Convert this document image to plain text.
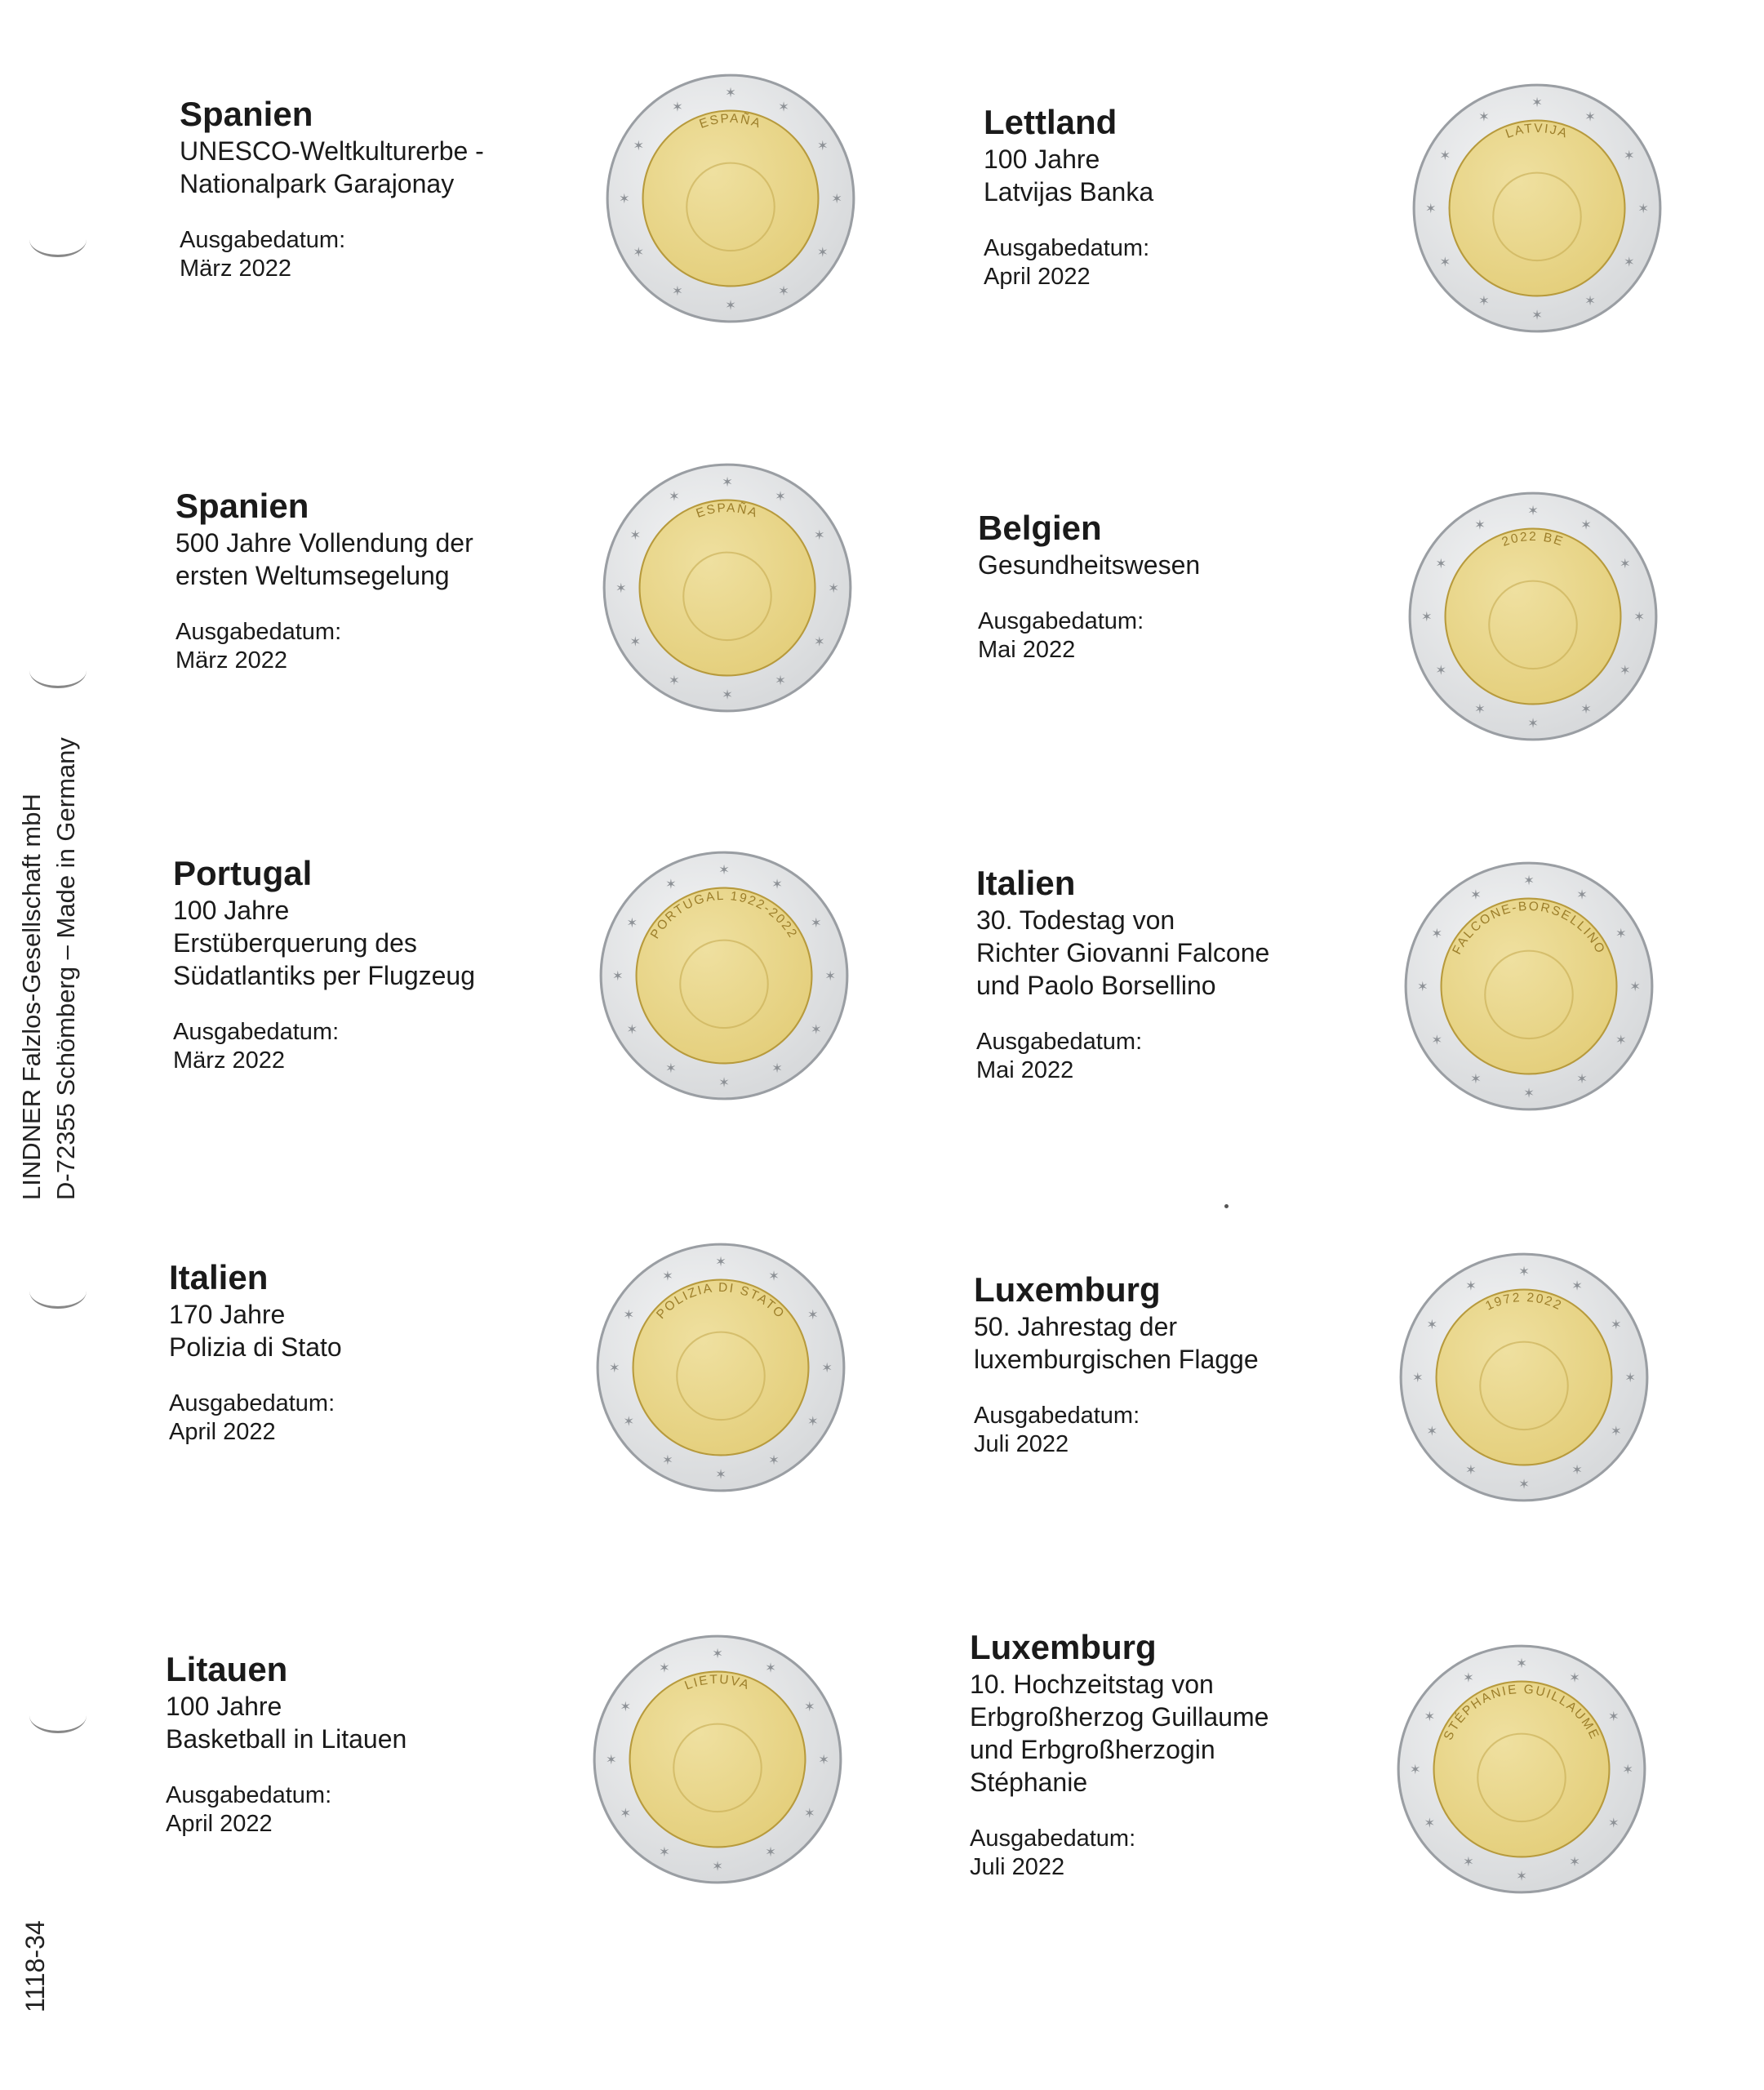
LINDNER Falzlos-Gesellschaft mbH D-72355 Schömberg – Made in Germany
1118-34
Spanien
UNESCO-Weltkulturerbe -
Nationalpark Garajonay
Ausgabedatum:
März 2022
Lettland
100 Jahre
Latvijas Banka
Ausgabedatum:
April 2022
Spanien
500 Jahre Vollendung der
ersten Weltumsegelung
Ausgabedatum:
März 2022
Belgien
Gesundheitswesen
Ausgabedatum:
Mai 2022
Portugal
100 Jahre
Erstüberquerung des
Südatlantiks per Flugzeug
Ausgabedatum:
März 2022
Italien
30. Todestag von
Richter Giovanni Falcone
und Paolo Borsellino
Ausgabedatum:
Mai 2022
Italien
170 Jahre
Polizia di Stato
Ausgabedatum:
April 2022
Luxemburg
50. Jahrestag der
luxemburgischen Flagge
Ausgabedatum:
Juli 2022
Litauen
100 Jahre
Basketball in Litauen
Ausgabedatum:
April 2022
Luxemburg
10. Hochzeitstag von
Erbgroßherzog Guillaume
und Erbgroßherzogin
Stéphanie
Ausgabedatum:
Juli 2022
✶
✶
✶
✶
✶
✶
✶
✶
✶
✶
✶
✶
ESPAÑA
✶
✶
✶
✶
✶
✶
✶
✶
✶
✶
✶
✶
LATVIJA
✶
✶
✶
✶
✶
✶
✶
✶
✶
✶
✶
✶
ESPAÑA	✶
✶
✶
✶
✶
✶
✶
✶
✶
✶
✶
✶
2022 BE
✶
✶
✶
✶
✶
✶
✶
✶
✶
✶
✶
✶
PORTUGAL 1922-2022
✶
✶
✶
✶
✶
✶
✶
✶
✶
✶
✶
✶
FALCONE-BORSELLINO
✶
✶
✶
✶
✶
✶
✶
✶
✶
✶
✶
✶
POLIZIA DI STATO
✶
✶
✶
✶
✶
✶
✶
✶
✶
✶
✶
✶
1972 2022
✶
✶
✶
✶
✶
✶
✶
✶
✶
✶
✶
✶
LIETUVA
✶
✶
✶
✶
✶
✶
✶
✶
✶
✶
✶
✶
STÉPHANIE GUILLAUME
